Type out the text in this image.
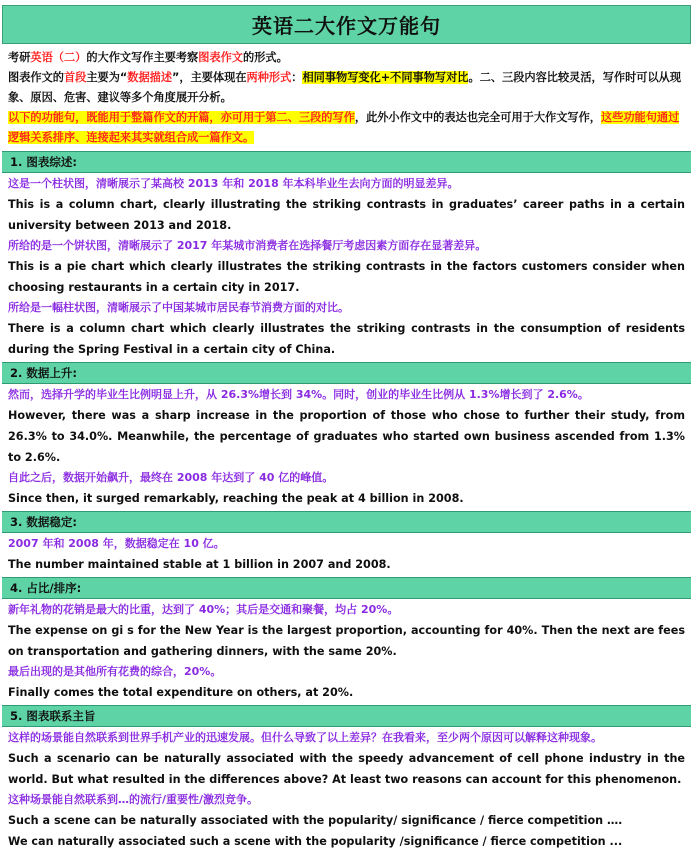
英语二大作文万能句
考研英语（二）的大作文写作主要考察图表作文的形式。
图表作文的首段主要为“数据描述”，主要体现在两种形式：相同事物写变化+不同事物写对比。二、三段内容比较灵活，写作时可以从现象、原因、危害、建议等多个角度展开分析。
以下的功能句，既能用于整篇作文的开篇，亦可用于第二、三段的写作，此外小作文中的表达也完全可用于大作文写作，这些功能句通过逻辑关系排序、连接起来其实就组合成一篇作文。
1. 图表综述:
这是一个柱状图，清晰展示了某高校 2013 年和 2018 年本科毕业生去向方面的明显差异。
This is a column chart, clearly illustrating the striking contrasts in graduates’ career paths in a certain university between 2013 and 2018.
所给的是一个饼状图，清晰展示了 2017 年某城市消费者在选择餐厅考虑因素方面存在显著差异。
This is a pie chart which clearly illustrates the striking contrasts in the factors customers consider when choosing restaurants in a certain city in 2017.
所给是一幅柱状图，清晰展示了中国某城市居民春节消费方面的对比。
There is a column chart which clearly illustrates the striking contrasts in the consumption of residents during the Spring Festival in a certain city of China.
2. 数据上升:
然而，选择升学的毕业生比例明显上升，从 26.3%增长到 34%。同时，创业的毕业生比例从 1.3%增长到了 2.6%。
However, there was a sharp increase in the proportion of those who chose to further their study, from 26.3% to 34.0%. Meanwhile, the percentage of graduates who started own business ascended from 1.3% to 2.6%.
自此之后，数据开始飙升，最终在 2008 年达到了 40 亿的峰值。
Since then, it surged remarkably, reaching the peak at 4 billion in 2008.
3. 数据稳定:
2007 年和 2008 年，数据稳定在 10 亿。
The number maintained stable at 1 billion in 2007 and 2008.
4. 占比/排序:
新年礼物的花销是最大的比重，达到了 40%；其后是交通和聚餐，均占 20%。
The expense on gi s for the New Year is the largest proportion, accounting for 40%. Then the next are fees on transportation and gathering dinners, with the same 20%.
最后出现的是其他所有花费的综合，20%。
Finally comes the total expenditure on others, at 20%.
5. 图表联系主旨
这样的场景能自然联系到世界手机产业的迅速发展。但什么导致了以上差异？在我看来，至少两个原因可以解释这种现象。
Such a scenario can be naturally associated with the speedy advancement of cell phone industry in the world. But what resulted in the diﬀerences above? At least two reasons can account for this phenomenon.
这种场景能自然联系到…的流行/重要性/激烈竞争。
Such a scene can be naturally associated with the popularity/ significance / fierce competition ….
We can naturally associated such a scene with the popularity /significance / fierce competition ...
